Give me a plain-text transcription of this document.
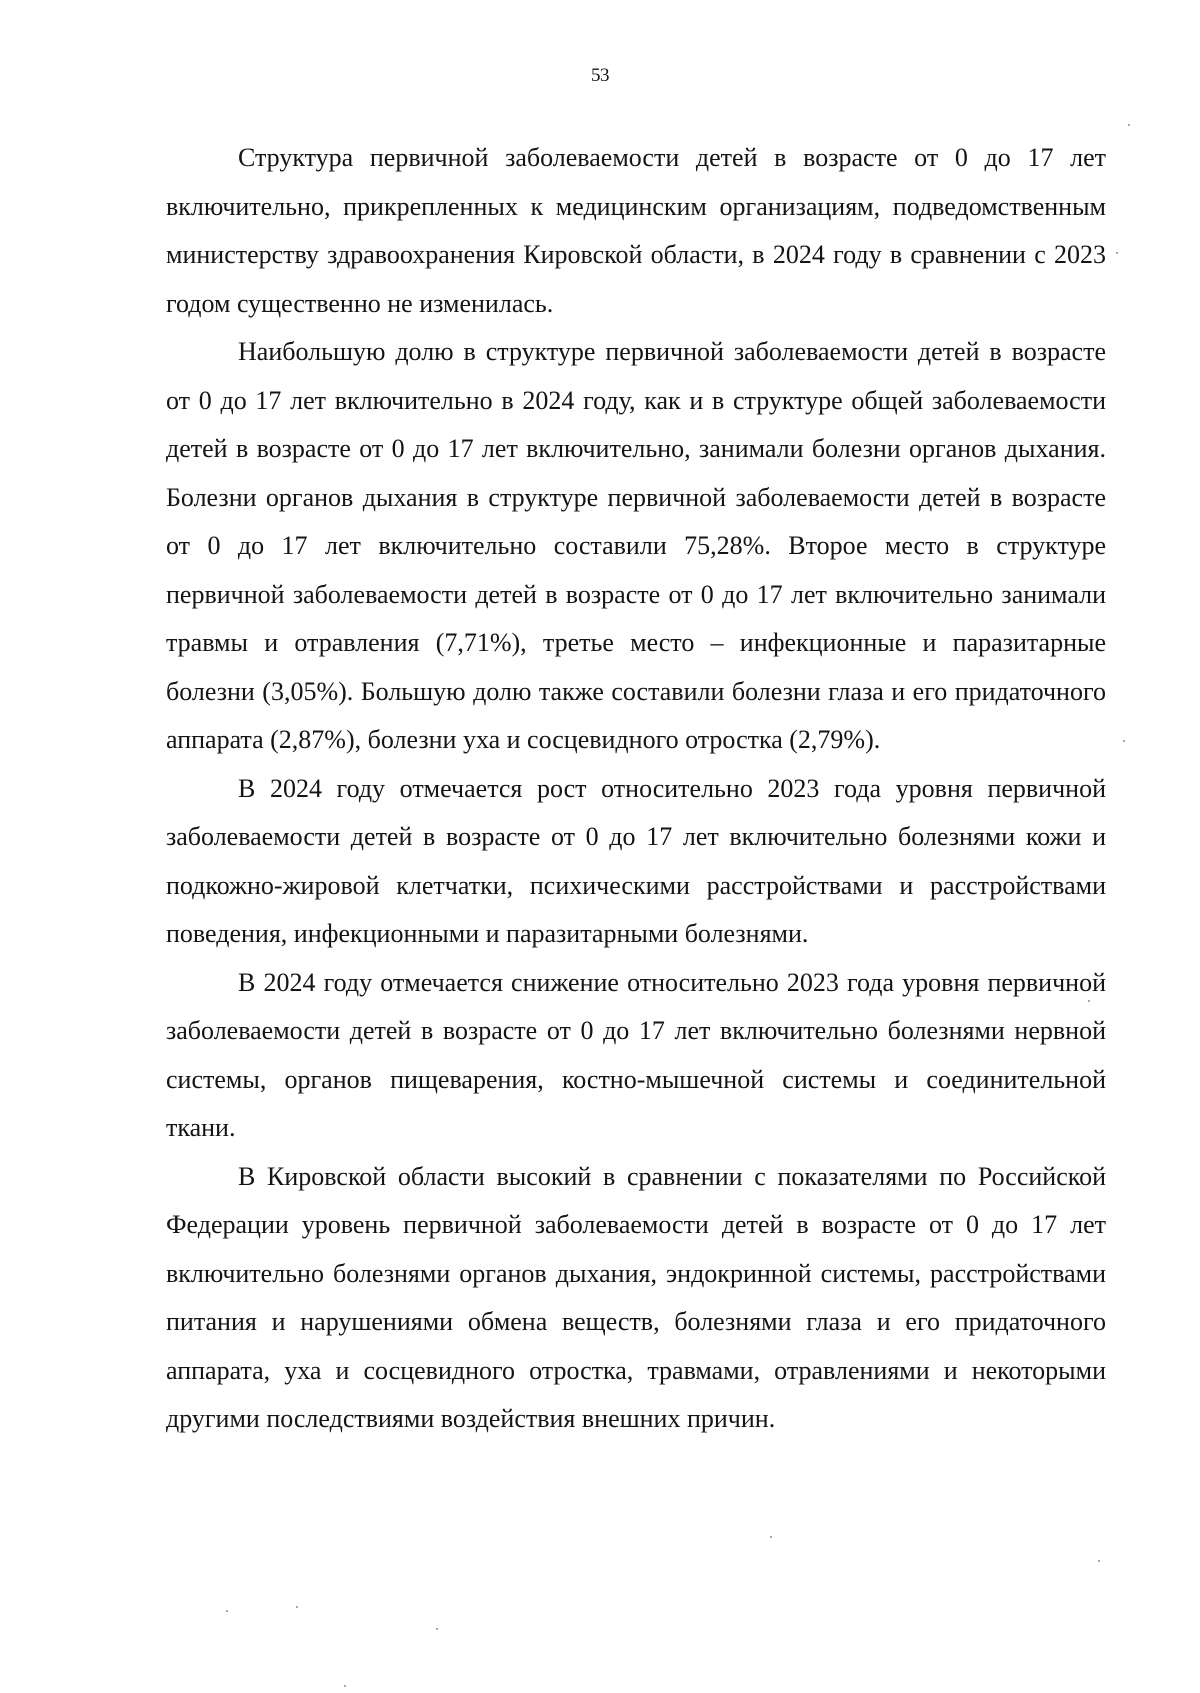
53

Структура первичной заболеваемости детей в возрасте от 0 до 17 лет включительно, прикрепленных к медицинским организациям, подведомственным министерству здравоохранения Кировской области, в 2024 году в сравнении с 2023 годом существенно не изменилась.

Наибольшую долю в структуре первичной заболеваемости детей в возрасте от 0 до 17 лет включительно в 2024 году, как и в структуре общей заболеваемости детей в возрасте от 0 до 17 лет включительно, занимали болезни органов дыхания. Болезни органов дыхания в структуре первичной заболеваемости детей в возрасте от 0 до 17 лет включительно составили 75,28%. Второе место в структуре первичной заболеваемости детей в возрасте от 0 до 17 лет включительно занимали травмы и отравления (7,71%), третье место – инфекционные и паразитарные болезни (3,05%). Большую долю также составили болезни глаза и его придаточного аппарата (2,87%), болезни уха и сосцевидного отростка (2,79%).

В 2024 году отмечается рост относительно 2023 года уровня первичной заболеваемости детей в возрасте от 0 до 17 лет включительно болезнями кожи и подкожно-жировой клетчатки, психическими расстройствами и расстройствами поведения, инфекционными и паразитарными болезнями.

В 2024 году отмечается снижение относительно 2023 года уровня первичной заболеваемости детей в возрасте от 0 до 17 лет включительно болезнями нервной системы, органов пищеварения, костно-мышечной системы и соединительной ткани.

В Кировской области высокий в сравнении с показателями по Российской Федерации уровень первичной заболеваемости детей в возрасте от 0 до 17 лет включительно болезнями органов дыхания, эндокринной системы, расстройствами питания и нарушениями обмена веществ, болезнями глаза и его придаточного аппарата, уха и сосцевидного отростка, травмами, отравлениями и некоторыми другими последствиями воздействия внешних причин.
